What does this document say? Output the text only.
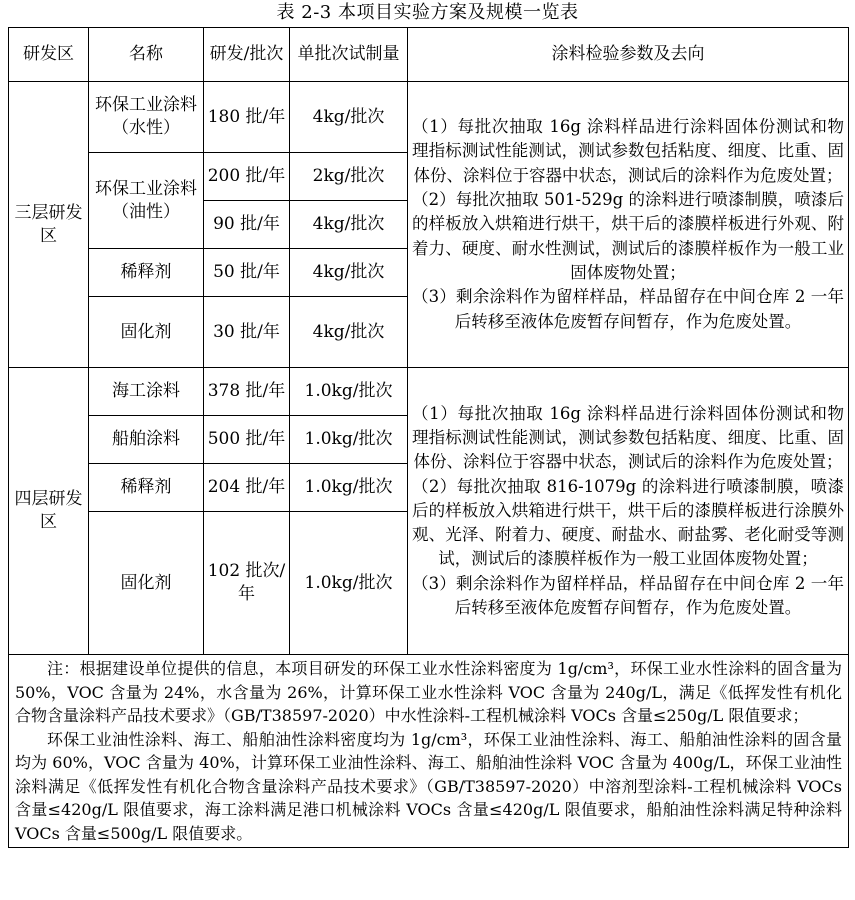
表 2-3 本项目实验方案及规模一览表
研发区	名称	研发/批次	单批次试制量	涂料检验参数及去向
三层研发区	环保工业涂料（水性）	180 批/年	4kg/批次	（1）每批次抽取 16g 涂料样品进行涂料固体份测试和物理指标测试性能测试，测试参数包括粘度、细度、比重、固体份、涂料位于容器中状态，测试后的涂料作为危废处置；

（2）每批次抽取 501-529g 的涂料进行喷漆制膜，喷漆后的样板放入烘箱进行烘干，烘干后的漆膜样板进行外观、附着力、硬度、耐水性测试，测试后的漆膜样板作为一般工业固体废物处置；

（3）剩余涂料作为留样样品，样品留存在中间仓库 2 一年后转移至液体危废暂存间暂存，作为危废处置。

	环保工业涂料（油性）	200 批/年	2kg/批次	
		90 批/年	4kg/批次	
	稀释剂	50 批/年	4kg/批次	
	固化剂	30 批/年	4kg/批次	
四层研发区	海工涂料	378 批/年	1.0kg/批次	（1）每批次抽取 16g 涂料样品进行涂料固体份测试和物理指标测试性能测试，测试参数包括粘度、细度、比重、固体份、涂料位于容器中状态，测试后的涂料作为危废处置；

（2）每批次抽取 816-1079g 的涂料进行喷漆制膜，喷漆后的样板放入烘箱进行烘干，烘干后的漆膜样板进行涂膜外观、光泽、附着力、硬度、耐盐水、耐盐雾、老化耐受等测试，测试后的漆膜样板作为一般工业固体废物处置；

（3）剩余涂料作为留样样品，样品留存在中间仓库 2 一年后转移至液体危废暂存间暂存，作为危废处置。

	船舶涂料	500 批/年	1.0kg/批次	
	稀释剂	204 批/年	1.0kg/批次	
	固化剂	102 批次/年	1.0kg/批次	

注：根据建设单位提供的信息，本项目研发的环保工业水性涂料密度为 1g/cm³，环保工业水性涂料的固含量为 50%，VOC 含量为 24%，水含量为 26%，计算环保工业水性涂料 VOC 含量为 240g/L，满足《低挥发性有机化合物含量涂料产品技术要求》（GB/T38597-2020）中水性涂料-工程机械涂料 VOCs 含量≤250g/L 限值要求；

环保工业油性涂料、海工、船舶油性涂料密度均为 1g/cm³，环保工业油性涂料、海工、船舶油性涂料的固含量均为 60%，VOC 含量为 40%，计算环保工业油性涂料、海工、船舶油性涂料 VOC 含量为 400g/L，环保工业油性涂料满足《低挥发性有机化合物含量涂料产品技术要求》（GB/T38597-2020）中溶剂型涂料-工程机械涂料 VOCs 含量≤420g/L 限值要求，海工涂料满足港口机械涂料 VOCs 含量≤420g/L 限值要求，船舶油性涂料满足特种涂料 VOCs 含量≤500g/L 限值要求。				
